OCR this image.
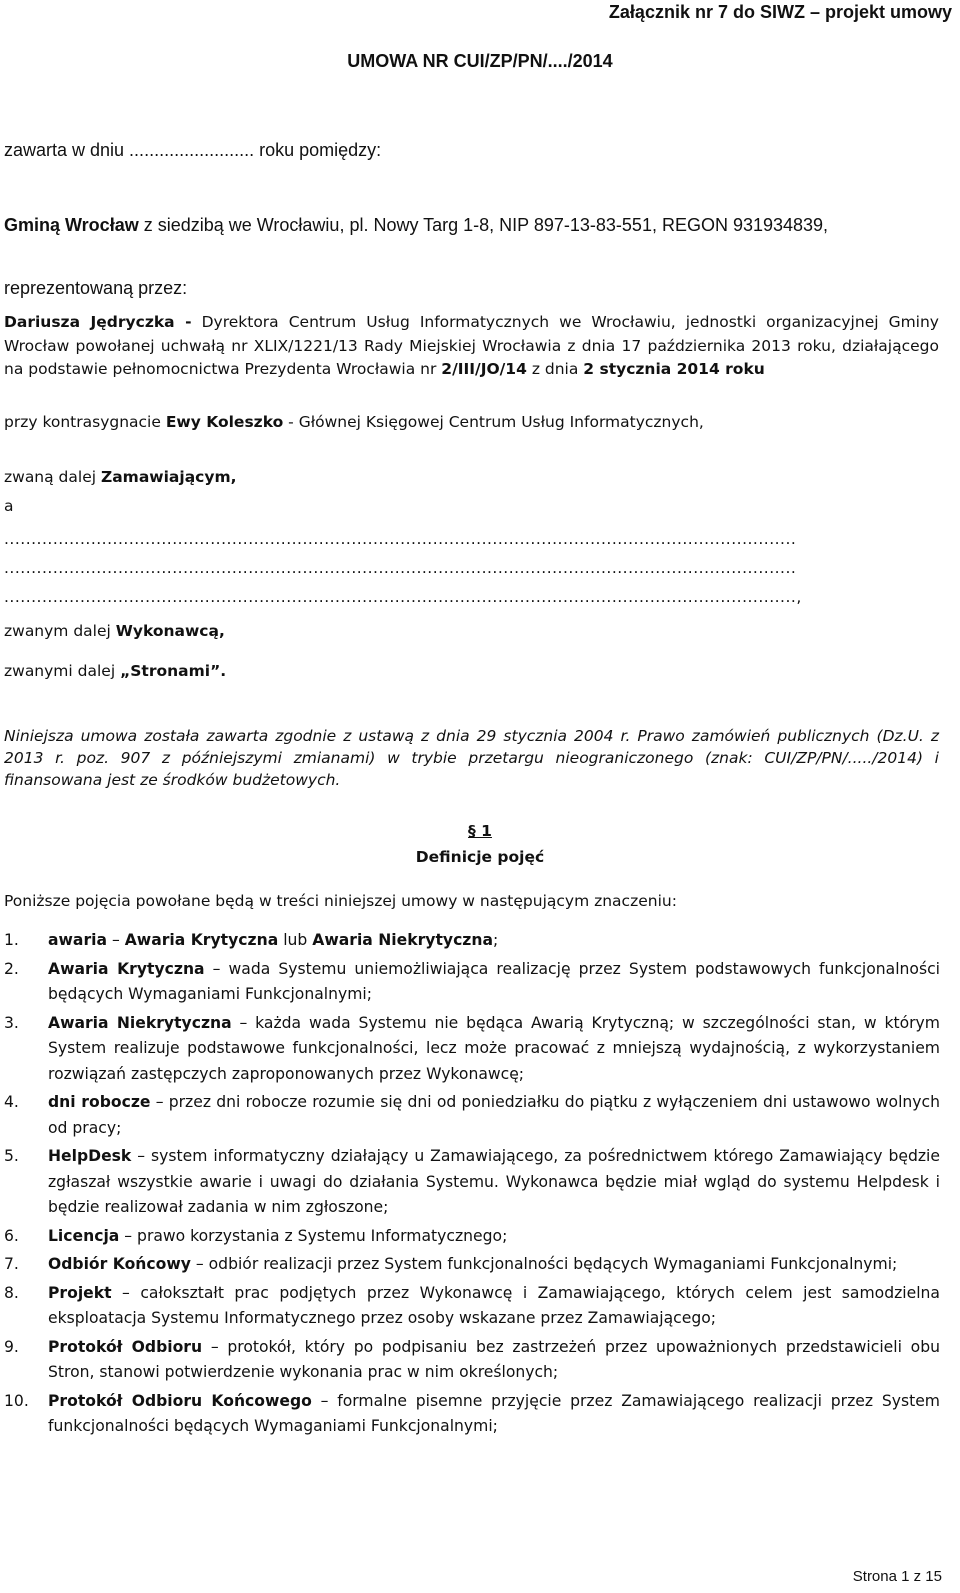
Załącznik nr 7 do SIWZ – projekt umowy

UMOWA NR CUI/ZP/PN/..../2014

zawarta w dniu ......................... roku pomiędzy:

Gminą Wrocław z siedzibą we Wrocławiu, pl. Nowy Targ 1-8, NIP 897-13-83-551, REGON 931934839,

reprezentowaną przez:

Dariusza Jędryczka - Dyrektora Centrum Usług Informatycznych we Wrocławiu, jednostki organizacyjnej Gminy Wrocław powołanej uchwałą nr XLIX/1221/13 Rady Miejskiej Wrocławia z dnia 17 października 2013 roku, działającego na podstawie pełnomocnictwa Prezydenta Wrocławia nr 2/III/JO/14 z dnia 2 stycznia 2014 roku

przy kontrasygnacie Ewy Koleszko - Głównej Księgowej Centrum Usług Informatycznych,

zwaną dalej Zamawiającym,

a

..................................................................................................................................................

..................................................................................................................................................

..................................................................................................................................................,

zwanym dalej Wykonawcą,

zwanymi dalej „Stronami”.

Niniejsza umowa została zawarta zgodnie z ustawą z dnia 29 stycznia 2004 r. Prawo zamówień publicznych (Dz.U. z 2013 r. poz. 907 z późniejszymi zmianami) w trybie przetargu nieograniczonego (znak: CUI/ZP/PN/...../2014) i finansowana jest ze środków budżetowych.

§ 1

Definicje pojęć

Poniższe pojęcia powołane będą w treści niniejszej umowy w następującym znaczeniu:

1. awaria – Awaria Krytyczna lub Awaria Niekrytyczna;
2. Awaria Krytyczna – wada Systemu uniemożliwiająca realizację przez System podstawowych funkcjonalności będących Wymaganiami Funkcjonalnymi;
3. Awaria Niekrytyczna – każda wada Systemu nie będąca Awarią Krytyczną; w szczególności stan, w którym System realizuje podstawowe funkcjonalności, lecz może pracować z mniejszą wydajnością, z wykorzystaniem rozwiązań zastępczych zaproponowanych przez Wykonawcę;
4. dni robocze – przez dni robocze rozumie się dni od poniedziałku do piątku z wyłączeniem dni ustawowo wolnych od pracy;
5. HelpDesk – system informatyczny działający u Zamawiającego, za pośrednictwem którego Zamawiający będzie zgłaszał wszystkie awarie i uwagi do działania Systemu. Wykonawca będzie miał wgląd do systemu Helpdesk i będzie realizował zadania w nim zgłoszone;
6. Licencja – prawo korzystania z Systemu Informatycznego;
7. Odbiór Końcowy – odbiór realizacji przez System funkcjonalności będących Wymaganiami Funkcjonalnymi;
8. Projekt – całokształt prac podjętych przez Wykonawcę i Zamawiającego, których celem jest samodzielna eksploatacja Systemu Informatycznego przez osoby wskazane przez Zamawiającego;
9. Protokół Odbioru – protokół, który po podpisaniu bez zastrzeżeń przez upoważnionych przedstawicieli obu Stron, stanowi potwierdzenie wykonania prac w nim określonych;
10. Protokół Odbioru Końcowego – formalne pisemne przyjęcie przez Zamawiającego realizacji przez System funkcjonalności będących Wymaganiami Funkcjonalnymi;

Strona 1 z 15
